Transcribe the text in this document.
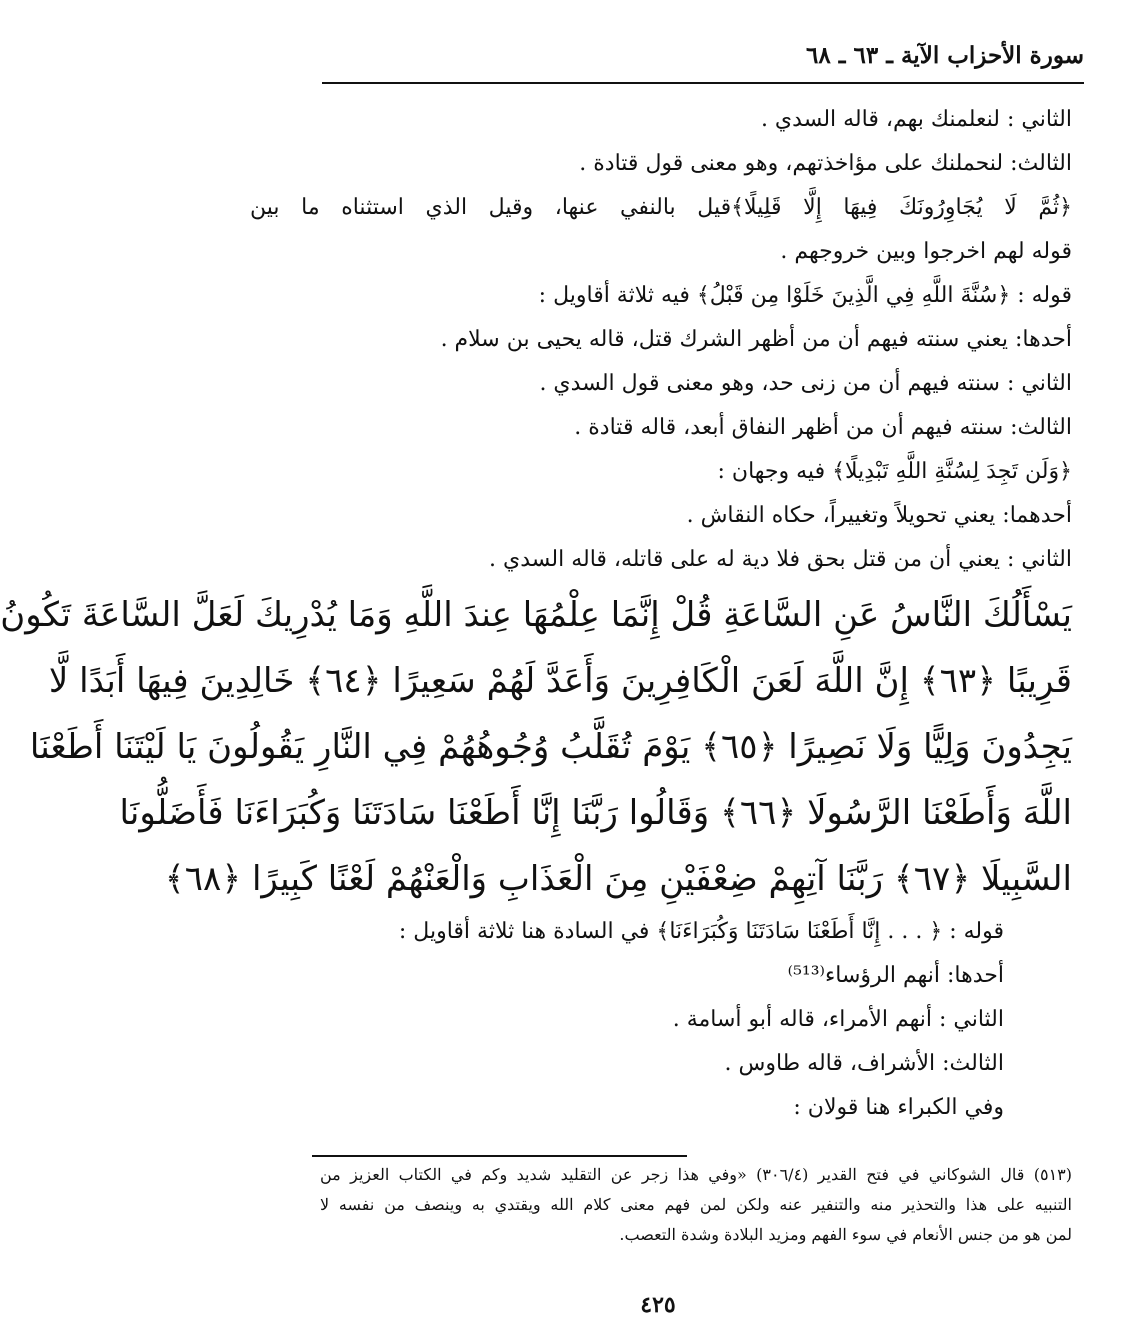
سورة الأحزاب الآية ـ ٦٣ ـ ٦٨
الثاني : لنعلمنك بهم، قاله السدي .
الثالث: لنحملنك على مؤاخذتهم، وهو معنى قول قتادة .
﴿ثُمَّ لَا يُجَاوِرُونَكَ فِيهَا إِلَّا قَلِيلًا﴾قيل بالنفي عنها، وقيل الذي استثناه ما بين
قوله لهم اخرجوا وبين خروجهم .
قوله : ﴿سُنَّةَ اللَّهِ فِي الَّذِينَ خَلَوْا مِن قَبْلُ﴾ فيه ثلاثة أقاويل :
أحدها: يعني سنته فيهم أن من أظهر الشرك قتل، قاله يحيى بن سلام .
الثاني : سنته فيهم أن من زنى حد، وهو معنى قول السدي .
الثالث: سنته فيهم أن من أظهر النفاق أبعد، قاله قتادة .
﴿وَلَن تَجِدَ لِسُنَّةِ اللَّهِ تَبْدِيلًا﴾ فيه وجهان :
أحدهما: يعني تحويلاً وتغييراً، حكاه النقاش .
الثاني : يعني أن من قتل بحق فلا دية له على قاتله، قاله السدي .
يَسْأَلُكَ النَّاسُ عَنِ السَّاعَةِ قُلْ إِنَّمَا عِلْمُهَا عِندَ اللَّهِ وَمَا يُدْرِيكَ لَعَلَّ السَّاعَةَ تَكُونُ
قَرِيبًا ﴿٦٣﴾ إِنَّ اللَّهَ لَعَنَ الْكَافِرِينَ وَأَعَدَّ لَهُمْ سَعِيرًا ﴿٦٤﴾ خَالِدِينَ فِيهَا أَبَدًا لَّا
يَجِدُونَ وَلِيًّا وَلَا نَصِيرًا ﴿٦٥﴾ يَوْمَ تُقَلَّبُ وُجُوهُهُمْ فِي النَّارِ يَقُولُونَ يَا لَيْتَنَا أَطَعْنَا
اللَّهَ وَأَطَعْنَا الرَّسُولَا ﴿٦٦﴾ وَقَالُوا رَبَّنَا إِنَّا أَطَعْنَا سَادَتَنَا وَكُبَرَاءَنَا فَأَضَلُّونَا
السَّبِيلَا ﴿٦٧﴾ رَبَّنَا آتِهِمْ ضِعْفَيْنِ مِنَ الْعَذَابِ وَالْعَنْهُمْ لَعْنًا كَبِيرًا ﴿٦٨﴾
قوله : ﴿ . . . إِنَّا أَطَعْنَا سَادَتَنَا وَكُبَرَاءَنَا﴾ في السادة هنا ثلاثة أقاويل :
أحدها: أنهم الرؤساء⁽⁵¹³⁾
الثاني : أنهم الأمراء، قاله أبو أسامة .
الثالث: الأشراف، قاله طاوس .
وفي الكبراء هنا قولان :
(٥١٣) قال الشوكاني في فتح القدير (٣٠٦/٤) «وفي هذا زجر عن التقليد شديد وكم في الكتاب العزيز من
التنبيه على هذا والتحذير منه والتنفير عنه ولكن لمن فهم معنى كلام الله ويقتدي به وينصف من نفسه لا
لمن هو من جنس الأنعام في سوء الفهم ومزيد البلادة وشدة التعصب.
٤٢٥
